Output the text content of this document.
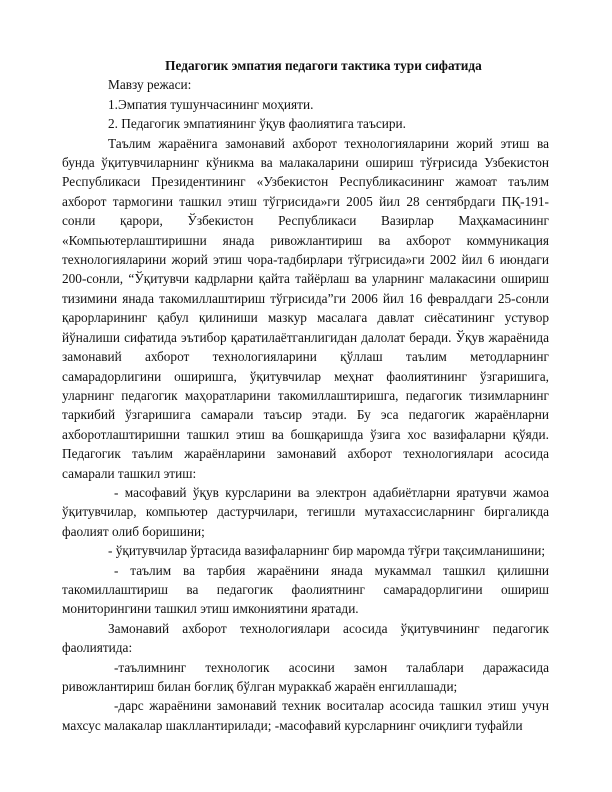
Педагогик эмпатия педагоги тактика тури сифатида

Мавзу режаси:

1.Эмпатия тушунчасининг моҳияти.

2. Педагогик эмпатиянинг ўқув фаолиятига таъсири.

Таълим жараёнига замонавий ахборот технологияларини жорий этиш ва бунда ўқитувчиларнинг кўникма ва малакаларини ошириш тўғрисида Узбекистон Республикаси Президентининг «Узбекистон Республикасининг жамоат таълим ахборот тармогини ташкил этиш тўгрисида»ги 2005 йил 28 сентябрдаги ПҚ-191-сонли қарори, Ўзбекистон Республикаси Вазирлар Маҳкамасининг «Компьютерлаштиришни янада ривожлантириш ва ахборот коммуникация технологияларини жорий этиш чора-тадбирлари тўгрисида»ги 2002 йил 6 июндаги 200-сонли, “Ўқитувчи кадрларни қайта тайёрлаш ва уларнинг малакасини ошириш тизимини янада такомиллаштириш тўгрисида”ги 2006 йил 16 февралдаги 25-сонли қарорларининг қабул қилиниши мазкур масалага давлат сиёсатининг устувор йўналиши сифатида эътибор қаратилаётганлигидан далолат беради. Ўқув жараёнида замонавий ахборот технологияларини қўллаш таълим методларнинг самарадорлигини оширишга, ўқитувчилар меҳнат фаолиятининг ўзгаришига, уларнинг педагогик маҳоратларини такомиллаштиришга, педагогик тизимларнинг таркибий ўзгаришига самарали таъсир этади. Бу эса педагогик жараёнларни ахборотлаштиришни ташкил этиш ва бошқаришда ўзига хос вазифаларни қўяди. Педагогик таълим жараёнларини замонавий ахборот технологиялари асосида самарали ташкил этиш:

- масофавий ўқув курсларини ва электрон адабиётларни яратувчи жамоа ўқитувчилар, компьютер дастурчилари, тегишли мутахассисларнинг биргаликда фаолият олиб боришини;

- ўқитувчилар ўртасида вазифаларнинг бир маромда тўғри тақсимланишини;

- таълим ва тарбия жараёнини янада мукаммал ташкил қилишни такомиллаштириш ва педагогик фаолиятнинг самарадорлигини ошириш мониторингини ташкил этиш имкониятини яратади.

Замонавий ахборот технологиялари асосида ўқитувчининг педагогик фаолиятида:

-таълимнинг технологик асосини замон талаблари даражасида ривожлантириш билан боғлиқ бўлган мураккаб жараён енгиллашади;

-дарс жараёнини замонавий техник воситалар асосида ташкил этиш учун махсус малакалар шакллантирилади; -масофавий курсларнинг очиқлиги туфайли
